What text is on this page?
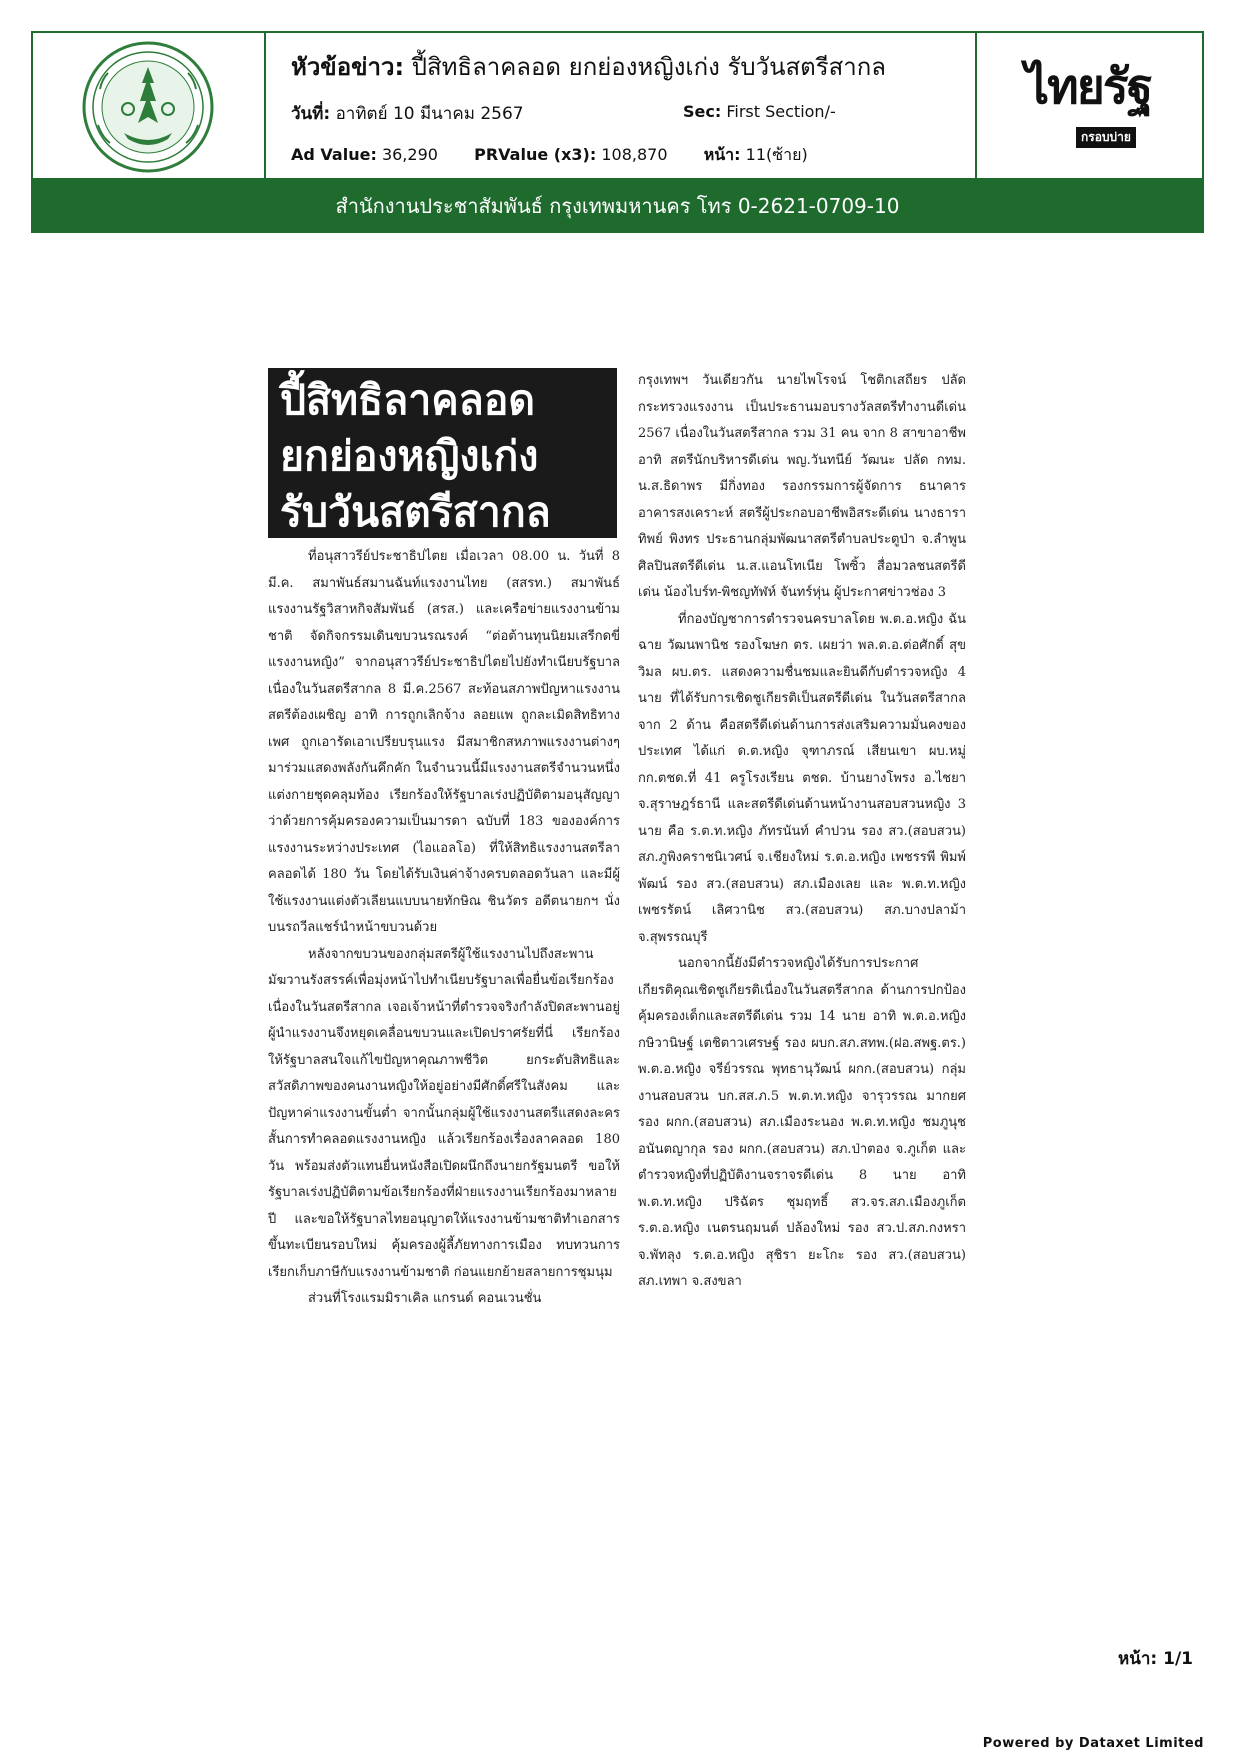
หัวข้อข่าว: ปี้สิทธิลาคลอด ยกย่องหญิงเก่ง รับวันสตรีสากล
วันที่: อาทิตย์ 10 มีนาคม 2567	Sec: First Section/-
Ad Value: 36,290 PRValue (x3): 108,870 หน้า: 11(ซ้าย)
ไทยรัฐ
กรอบบ่าย
สำนักงานประชาสัมพันธ์ กรุงเทพมหานคร โทร 0-2621-0709-10
ปี้สิทธิลาคลอด
ยกย่องหญิงเก่ง
รับวันสตรีสากล

ที่อนุสาวรีย์ประชาธิปไตย เมื่อเวลา 08.00 น. วันที่ 8 มี.ค. สมาพันธ์สมานฉันท์แรงงานไทย (สสรท.) สมาพันธ์แรงงานรัฐวิสาหกิจสัมพันธ์ (สรส.) และเครือข่ายแรงงานข้ามชาติ จัดกิจกรรมเดินขบวนรณรงค์ “ต่อต้านทุนนิยมเสรีกดขี่แรงงานหญิง” จากอนุสาวรีย์ประชาธิปไตยไปยังทำเนียบรัฐบาล เนื่องในวันสตรีสากล 8 มี.ค.2567 สะท้อนสภาพปัญหาแรงงานสตรีต้องเผชิญ อาทิ การถูกเลิกจ้าง ลอยแพ ถูกละเมิดสิทธิทางเพศ ถูกเอารัดเอาเปรียบรุนแรง มีสมาชิกสหภาพแรงงานต่างๆมาร่วมแสดงพลังกันคึกคัก ในจำนวนนี้มีแรงงานสตรีจำนวนหนึ่งแต่งกายชุดคลุมท้อง เรียกร้องให้รัฐบาลเร่งปฏิบัติตามอนุสัญญาว่าด้วยการคุ้มครองความเป็นมารดา ฉบับที่ 183 ขององค์การแรงงานระหว่างประเทศ (ไอแอลโอ) ที่ให้สิทธิแรงงานสตรีลาคลอดได้ 180 วัน โดยได้รับเงินค่าจ้างครบตลอดวันลา และมีผู้ใช้แรงงานแต่งตัวเลียนแบบนายทักษิณ ชินวัตร อดีตนายกฯ นั่งบนรถวีลแชร์นำหน้าขบวนด้วย

หลังจากขบวนของกลุ่มสตรีผู้ใช้แรงงานไปถึงสะพานมัฆวานรังสรรค์เพื่อมุ่งหน้าไปทำเนียบรัฐบาลเพื่อยื่นข้อเรียกร้องเนื่องในวันสตรีสากล เจอเจ้าหน้าที่ตำรวจจริงกำลังปิดสะพานอยู่ ผู้นำแรงงานจึงหยุดเคลื่อนขบวนและเปิดปราศรัยที่นี่ เรียกร้องให้รัฐบาลสนใจแก้ไขปัญหาคุณภาพชีวิต ยกระดับสิทธิและสวัสดิภาพของคนงานหญิงให้อยู่อย่างมีศักดิ์ศรีในสังคม และปัญหาค่าแรงงานขั้นต่ำ จากนั้นกลุ่มผู้ใช้แรงงานสตรีแสดงละครสั้นการทำคลอดแรงงานหญิง แล้วเรียกร้องเรื่องลาคลอด 180 วัน พร้อมส่งตัวแทนยื่นหนังสือเปิดผนึกถึงนายกรัฐมนตรี ขอให้รัฐบาลเร่งปฏิบัติตามข้อเรียกร้องที่ฝ่ายแรงงานเรียกร้องมาหลายปี และขอให้รัฐบาลไทยอนุญาตให้แรงงานข้ามชาติทำเอกสารขึ้นทะเบียนรอบใหม่ คุ้มครองผู้ลี้ภัยทางการเมือง ทบทวนการเรียกเก็บภาษีกับแรงงานข้ามชาติ ก่อนแยกย้ายสลายการชุมนุม

ส่วนที่โรงแรมมิราเคิล แกรนด์ คอนเวนชั่น

กรุงเทพฯ วันเดียวกัน นายไพโรจน์ โชติกเสถียร ปลัดกระทรวงแรงงาน เป็นประธานมอบรางวัลสตรีทำงานดีเด่น 2567 เนื่องในวันสตรีสากล รวม 31 คน จาก 8 สาขาอาชีพ อาทิ สตรีนักบริหารดีเด่น พญ.วันทนีย์ วัฒนะ ปลัด กทม. น.ส.ธิดาพร มีกิ่งทอง รองกรรมการผู้จัดการ ธนาคารอาคารสงเคราะห์ สตรีผู้ประกอบอาชีพอิสระดีเด่น นางธาราทิพย์ พิงทร ประธานกลุ่มพัฒนาสตรีตำบลประตูป่า จ.ลำพูน ศิลปินสตรีดีเด่น น.ส.แอนโทเนีย โพซิ้ว สื่อมวลชนสตรีดีเด่น น้องไบร์ท-พิชญทัฬห์ จันทร์หุ่น ผู้ประกาศข่าวช่อง 3

ที่กองบัญชาการตำรวจนครบาลโดย พ.ต.อ.หญิง ฉันฉาย วัฒนพานิช รองโฆษก ตร. เผยว่า พล.ต.อ.ต่อศักดิ์ สุขวิมล ผบ.ตร. แสดงความชื่นชมและยินดีกับตำรวจหญิง 4 นาย ที่ได้รับการเชิดชูเกียรติเป็นสตรีดีเด่น ในวันสตรีสากลจาก 2 ด้าน คือสตรีดีเด่นด้านการส่งเสริมความมั่นคงของประเทศ ได้แก่ ด.ต.หญิง จุฑาภรณ์ เสียนเขา ผบ.หมู่ กก.ตชด.ที่ 41 ครูโรงเรียน ตชด. บ้านยางโพรง อ.ไชยา จ.สุราษฎร์ธานี และสตรีดีเด่นด้านหน้างานสอบสวนหญิง 3 นาย คือ ร.ต.ท.หญิง ภัทรนันท์ คำปวน รอง สว.(สอบสวน) สภ.ภูพิงคราชนิเวศน์ จ.เชียงใหม่ ร.ต.อ.หญิง เพชรรพี พิมพ์พัฒน์ รอง สว.(สอบสวน) สภ.เมืองเลย และ พ.ต.ท.หญิง เพชรรัตน์ เลิศวานิช สว.(สอบสวน) สภ.บางปลาม้า จ.สุพรรณบุรี

นอกจากนี้ยังมีตำรวจหญิงได้รับการประกาศเกียรติคุณเชิดชูเกียรติเนื่องในวันสตรีสากล ด้านการปกป้องคุ้มครองเด็กและสตรีดีเด่น รวม 14 นาย อาทิ พ.ต.อ.หญิง กษิวานิษฐ์ เตชิตาวเศรษฐ์ รอง ผบก.สภ.สทพ.(ฝอ.สพฐ.ตร.) พ.ต.อ.หญิง จรีย์วรรณ พุทธานุวัฒน์ ผกก.(สอบสวน) กลุ่มงานสอบสวน บก.สส.ภ.5 พ.ต.ท.หญิง จารุวรรณ มากยศ รอง ผกก.(สอบสวน) สภ.เมืองระนอง พ.ต.ท.หญิง ชมภูนุช อนันตญากุล รอง ผกก.(สอบสวน) สภ.ป่าตอง จ.ภูเก็ต และตำรวจหญิงที่ปฏิบัติงานจราจรดีเด่น 8 นาย อาทิ พ.ต.ท.หญิง ปริฉัตร ชุมฤทธิ์ สว.จร.สภ.เมืองภูเก็ต ร.ต.อ.หญิง เนตรนฤมนต์ ปล้องใหม่ รอง สว.ป.สภ.กงหรา จ.พัทลุง ร.ต.อ.หญิง สุชิรา ยะโกะ รอง สว.(สอบสวน) สภ.เทพา จ.สงขลา

หน้า: 1/1
Powered by Dataxet Limited
